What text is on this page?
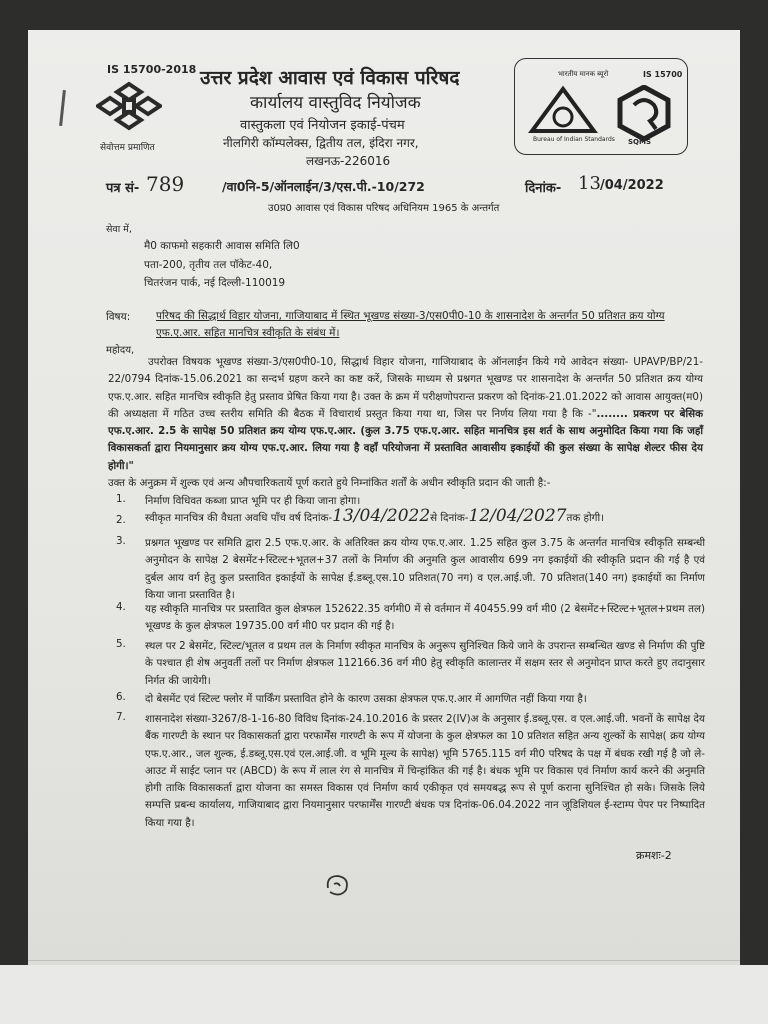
IS 15700-2018
सेवोत्तम प्रमाणित
उत्तर प्रदेश आवास एवं विकास परिषद
कार्यालय वास्तुविद नियोजक
वास्तुकला एवं नियोजन इकाई-पंचम
नीलगिरी कॉम्पलेक्स, द्वितीय तल, इंदिरा नगर,
लखनऊ-226016
भारतीय मानक ब्यूरो	IS 15700
Bureau of Indian Standards SQMS
पत्र सं- 789	/वा0नि-5/ऑनलाईन/3/एस.पी.-10/272	दिनांक- 13 /04/2022
उ0प्र0 आवास एवं विकास परिषद अधिनियम 1965 के अन्तर्गत
सेवा में,
मै0 काफमो सहकारी आवास समिति लि0
पता-200, तृतीय तल पॉकेट-40,
चितरंजन पार्क, नई दिल्ली-110019
विषय: परिषद की सिद्धार्थ विहार योजना, गाजियाबाद में स्थित भूखण्ड संख्या-3/एस0पी0-10 के शासनादेश के अन्तर्गत 50 प्रतिशत क्रय योग्य एफ.ए.आर. सहित मानचित्र स्वीकृति के संबंध में।
महोदय,
उपरोक्त विषयक भूखण्ड संख्या-3/एस0पी0-10, सिद्धार्थ विहार योजना, गाजियाबाद के ऑनलाईन किये गये आवेदन संख्या- UPAVP/BP/21-22/0794 दिनांक-15.06.2021 का सन्दर्भ ग्रहण करने का कष्ट करें, जिसके माध्यम से प्रश्नगत भूखण्ड पर शासनादेश के अन्तर्गत 50 प्रतिशत क्रय योग्य एफ.ए.आर. सहित मानचित्र स्वीकृति हेतु प्रस्ताव प्रेषित किया गया है। उक्त के क्रम में परीक्षणोपरान्त प्रकरण को दिनांक-21.01.2022 को आवास आयुक्त(म0) की अध्यक्षता में गठित उच्च स्तरीय समिति की बैठक में विचारार्थ प्रस्तुत किया गया था, जिस पर निर्णय लिया गया है कि -"........ प्रकरण पर बेसिक एफ.ए.आर. 2.5 के सापेक्ष 50 प्रतिशत क्रय योग्य एफ.ए.आर. (कुल 3.75 एफ.ए.आर. सहित मानचित्र इस शर्त के साथ अनुमोदित किया गया कि जहाँ विकासकर्ता द्वारा नियमानुसार क्रय योग्य एफ.ए.आर. लिया गया है वहाँ परियोजना में प्रस्तावित आवासीय इकाईयों की कुल संख्या के सापेक्ष शेल्टर फीस देय होगी।"
उक्त के अनुक्रम में शुल्क एवं अन्य औपचारिकतायें पूर्ण कराते हुये निम्नांकित शर्तों के अधीन स्वीकृति प्रदान की जाती है:-
1. निर्माण विधिवत कब्जा प्राप्त भूमि पर ही किया जाना होगा।
2. स्वीकृत मानचित्र की वैधता अवधि पाँच वर्ष दिनांक-13/04/2022से दिनांक-12/04/2027तक होगी।
3. प्रश्नगत भूखण्ड पर समिति द्वारा 2.5 एफ.ए.आर. के अतिरिक्त क्रय योग्य एफ.ए.आर. 1.25 सहित कुल 3.75 के अन्तर्गत मानचित्र स्वीकृति सम्बन्धी अनुमोदन के सापेक्ष 2 बेसमेंट+स्टिल्ट+भूतल+37 तलों के निर्माण की अनुमति कुल आवासीय 699 नग इकाईयों की स्वीकृति प्रदान की गई है एवं दुर्बल आय वर्ग हेतु कुल प्रस्तावित इकाईयों के सापेक्ष ई.डब्लू.एस.10 प्रतिशत(70 नग) व एल.आई.जी. 70 प्रतिशत(140 नग) इकाईयों का निर्माण किया जाना प्रस्तावित है।
4. यह स्वीकृति मानचित्र पर प्रस्तावित कुल क्षेत्रफल 152622.35 वर्गमी0 में से वर्तमान में 40455.99 वर्ग मी0 (2 बेसमेंट+स्टिल्ट+भूतल+प्रथम तल) भूखण्ड के कुल क्षेत्रफल 19735.00 वर्ग मी0 पर प्रदान की गई है।
5. स्थल पर 2 बेसमेंट, स्टिल्ट/भूतल व प्रथम तल के निर्माण स्वीकृत मानचित्र के अनुरूप सुनिश्चित किये जाने के उपरान्त सम्बन्धित खण्ड से निर्माण की पुष्टि के पश्चात ही शेष अनुवर्ती तलों पर निर्माण क्षेत्रफल 112166.36 वर्ग मी0 हेतु स्वीकृति कालान्तर में सक्षम स्तर से अनुमोदन प्राप्त करते हुए तदानुसार निर्गत की जायेगी।
6. दो बेसमेंट एवं स्टिल्ट फ्लोर में पार्किंग प्रस्तावित होने के कारण उसका क्षेत्रफल एफ.ए.आर में आगणित नहीं किया गया है।
7. शासनादेश संख्या-3267/8-1-16-80 विविध दिनांक-24.10.2016 के प्रस्तर 2(IV)अ के अनुसार ई.डब्लू.एस. व एल.आई.जी. भवनों के सापेक्ष देय बैंक गारण्टी के स्थान पर विकासकर्ता द्वारा परफार्मेंस गारण्टी के रूप में योजना के कुल क्षेत्रफल का 10 प्रतिशत सहित अन्य शुल्कों के सापेक्ष( क्रय योग्य एफ.ए.आर., जल शुल्क, ई.डब्लू.एस.एवं एल.आई.जी. व भूमि मूल्य के सापेक्ष) भूमि 5765.115 वर्ग मी0 परिषद के पक्ष में बंधक रखी गई है जो ले-आउट में साईट प्लान पर (ABCD) के रूप में लाल रंग से मानचित्र में चिन्हांकित की गई है। बंधक भूमि पर विकास एवं निर्माण कार्य करने की अनुमति होगी ताकि विकासकर्ता द्वारा योजना का समस्त विकास एवं निर्माण कार्य एकीकृत एवं समयबद्ध रूप से पूर्ण कराना सुनिश्चित हो सके। जिसके लिये सम्पत्ति प्रबन्ध कार्यालय, गाजियाबाद द्वारा नियमानुसार परफार्मेंस गारण्टी बंधक पत्र दिनांक-06.04.2022 नान जूडिशियल ई-स्टाम्प पेपर पर निष्पादित किया गया है।
क्रमशः-2
